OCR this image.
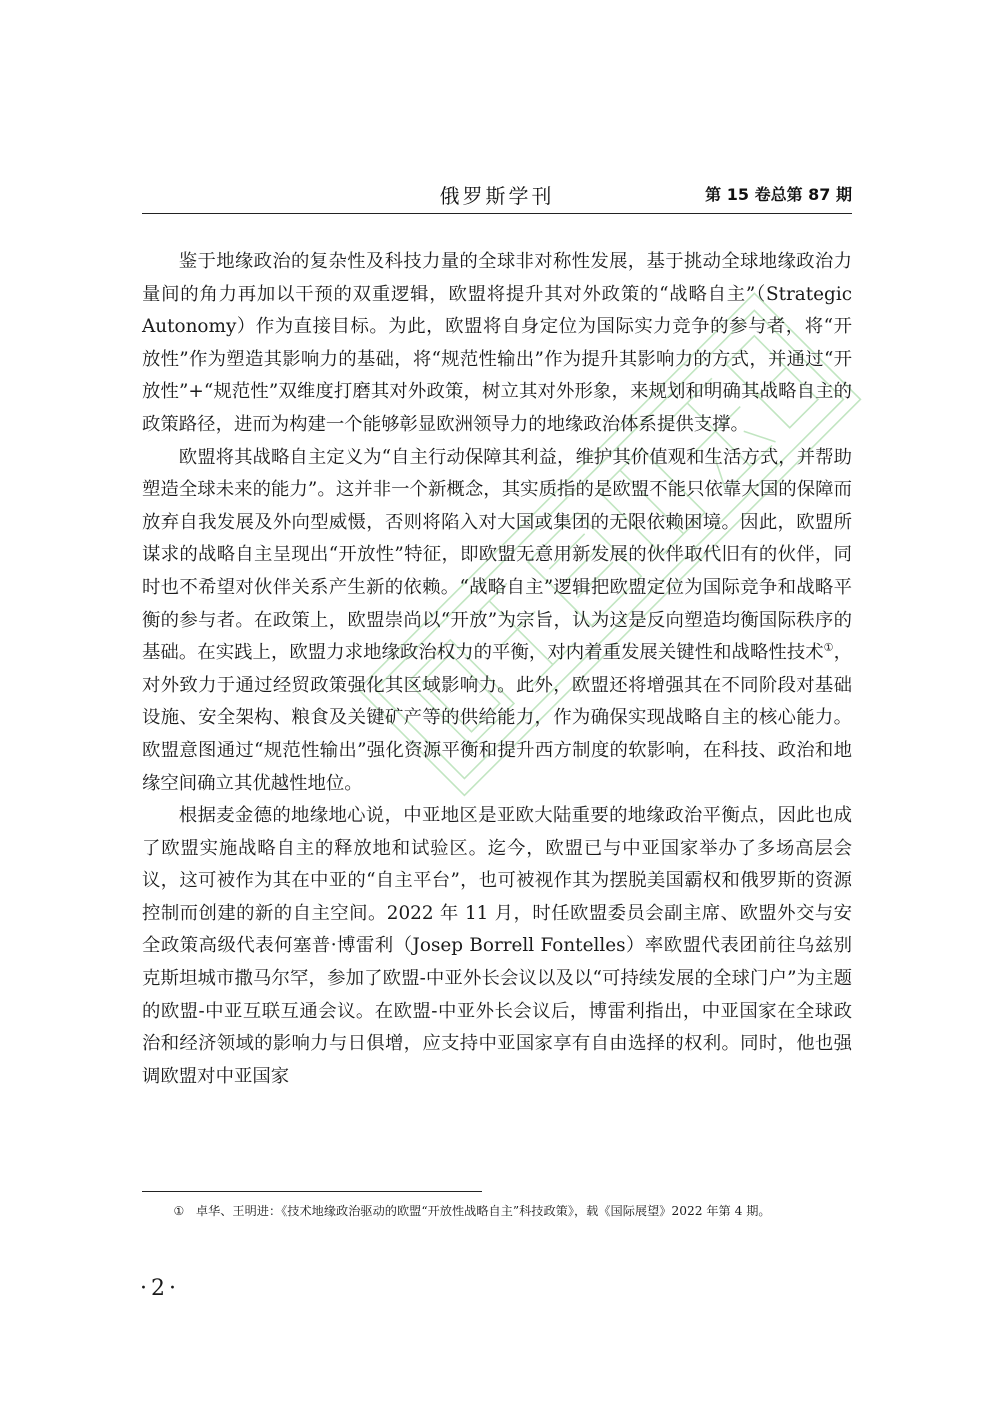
俄罗斯学刊	第 15 卷总第 87 期

鉴于地缘政治的复杂性及科技力量的全球非对称性发展，基于挑动全球地缘政治力量间的角力再加以干预的双重逻辑，欧盟将提升其对外政策的“战略自主”（Strategic Autonomy）作为直接目标。为此，欧盟将自身定位为国际实力竞争的参与者，将“开放性”作为塑造其影响力的基础，将“规范性输出”作为提升其影响力的方式，并通过“开放性”+“规范性”双维度打磨其对外政策，树立其对外形象，来规划和明确其战略自主的政策路径，进而为构建一个能够彰显欧洲领导力的地缘政治体系提供支撑。

欧盟将其战略自主定义为“自主行动保障其利益，维护其价值观和生活方式，并帮助塑造全球未来的能力”。这并非一个新概念，其实质指的是欧盟不能只依靠大国的保障而放弃自我发展及外向型威慑，否则将陷入对大国或集团的无限依赖困境。因此，欧盟所谋求的战略自主呈现出“开放性”特征，即欧盟无意用新发展的伙伴取代旧有的伙伴，同时也不希望对伙伴关系产生新的依赖。“战略自主”逻辑把欧盟定位为国际竞争和战略平衡的参与者。在政策上，欧盟崇尚以“开放”为宗旨，认为这是反向塑造均衡国际秩序的基础。在实践上，欧盟力求地缘政治权力的平衡，对内着重发展关键性和战略性技术①，对外致力于通过经贸政策强化其区域影响力。此外，欧盟还将增强其在不同阶段对基础设施、安全架构、粮食及关键矿产等的供给能力，作为确保实现战略自主的核心能力。欧盟意图通过“规范性输出”强化资源平衡和提升西方制度的软影响，在科技、政治和地缘空间确立其优越性地位。

根据麦金德的地缘地心说，中亚地区是亚欧大陆重要的地缘政治平衡点，因此也成了欧盟实施战略自主的释放地和试验区。迄今，欧盟已与中亚国家举办了多场高层会议，这可被作为其在中亚的“自主平台”，也可被视作其为摆脱美国霸权和俄罗斯的资源控制而创建的新的自主空间。2022 年 11 月，时任欧盟委员会副主席、欧盟外交与安全政策高级代表何塞普·博雷利（Josep Borrell Fontelles）率欧盟代表团前往乌兹别克斯坦城市撒马尔罕，参加了欧盟-中亚外长会议以及以“可持续发展的全球门户”为主题的欧盟-中亚互联互通会议。在欧盟-中亚外长会议后，博雷利指出，中亚国家在全球政治和经济领域的影响力与日俱增，应支持中亚国家享有自由选择的权利。同时，他也强调欧盟对中亚国家

① 卓华、王明进：《技术地缘政治驱动的欧盟“开放性战略自主”科技政策》，载《国际展望》2022 年第 4 期。
·2·
